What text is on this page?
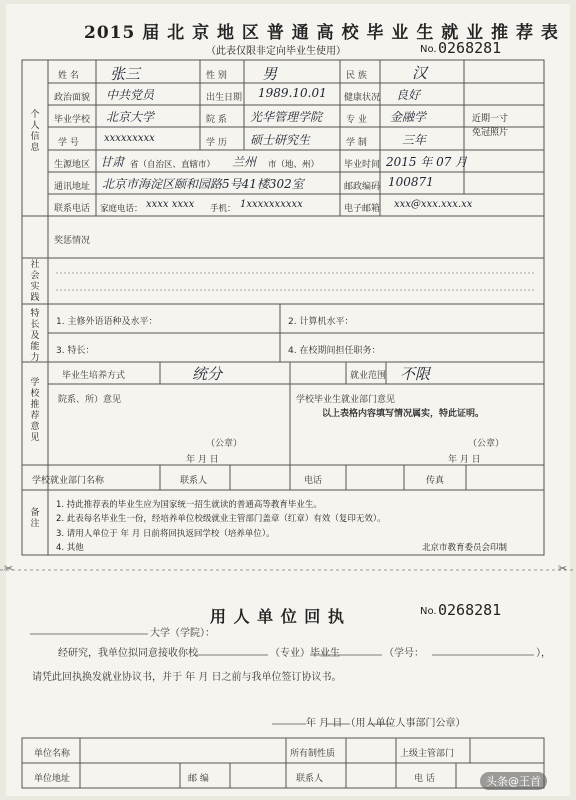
2015 届 北 京 地 区 普 通 高 校 毕 业 生 就 业 推 荐 表
（此表仅限非定向毕业生使用）	No. 0268281
个人信息
姓 名 张三	性 别 男	民 族	汉
政治面貌 中共党员	出生日期 1989.10.01 健康状况 良好
毕业学校 北京大学	院 系 光华管理学院	专 业 金融学
学 号	xxxxxxxxx	学 历 硕士研究生	学 制	三年
近期一寸
免冠照片
生源地区 甘肃 省（自治区、直辖市） 兰州 市（地、州）	毕业时间 2015 年 07 月
通讯地址 北京市海淀区颐和园路5号41楼302室	邮政编码 100871
联系电话 家庭电话： xxxx xxxx 手机： 1xxxxxxxxxx	电子邮箱 xxx@xxx.xxx.xx
奖惩情况
社会实践
特长及能力
1. 主修外语语种及水平：	2. 计算机水平：
3. 特长：	4. 在校期间担任职务：
学校推荐意见
毕业生培养方式	统分	就业范围 不限
院系、所）意见
（公章）
年 月 日
学校毕业生就业部门意见
以上表格内容填写情况属实，特此证明。
（公章）
年 月 日
学校就业部门名称	联系人	电话	传真
备注
1. 持此推荐表的毕业生应为国家统一招生就读的普通高等教育毕业生。
2. 此表每名毕业生一份，经培养单位校级就业主管部门盖章（红章）有效（复印无效）。
3. 请用人单位于 年 月 日前将回执返回学校（培养单位）。
4. 其他	北京市教育委员会印制
✂	✂
用 人 单 位 回 执	No. 0268281
大学（学院）：
经研究，我单位拟同意接收你校	（专业）毕业生	（学号：	），
请凭此回执换发就业协议书，并于 年 月 日之前与我单位签订协议书。
年 月 日 （用人单位人事部门公章）
单位名称	所有制性质	上级主管部门
单位地址	邮 编	联系人	电 话	头条@王首
